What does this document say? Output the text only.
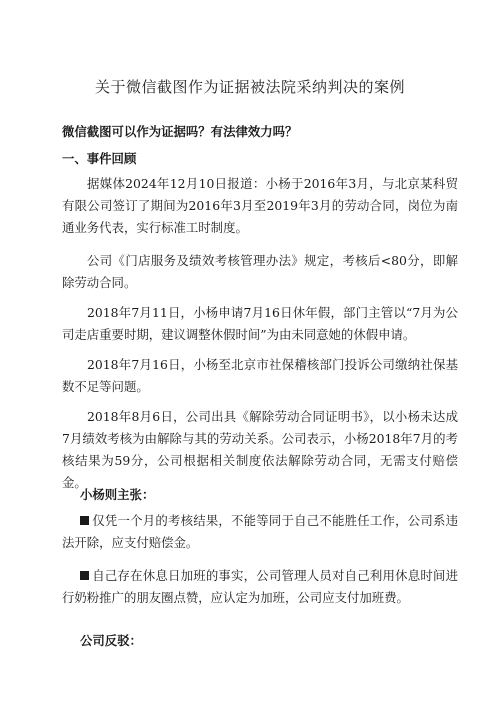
关于微信截图作为证据被法院采纳判决的案例
微信截图可以作为证据吗？有法律效力吗？
一、事件回顾
据媒体2024年12月10日报道：小杨于2016年3月，与北京某科贸有限公司签订了期间为2016年3月至2019年3月的劳动合同，岗位为南通业务代表，实行标准工时制度。
公司《门店服务及绩效考核管理办法》规定，考核后<80分，即解除劳动合同。
2018年7月11日，小杨申请7月16日休年假，部门主管以“7月为公司走店重要时期，建议调整休假时间”为由未同意她的休假申请。
2018年7月16日，小杨至北京市社保稽核部门投诉公司缴纳社保基数不足等问题。
2018年8月6日，公司出具《解除劳动合同证明书》，以小杨未达成7月绩效考核为由解除与其的劳动关系。公司表示，小杨2018年7月的考核结果为59分，公司根据相关制度依法解除劳动合同，无需支付赔偿金。
小杨则主张：
仅凭一个月的考核结果，不能等同于自己不能胜任工作，公司系违法开除，应支付赔偿金。
自己存在休息日加班的事实，公司管理人员对自己利用休息时间进行奶粉推广的朋友圈点赞，应认定为加班，公司应支付加班费。
公司反驳：
